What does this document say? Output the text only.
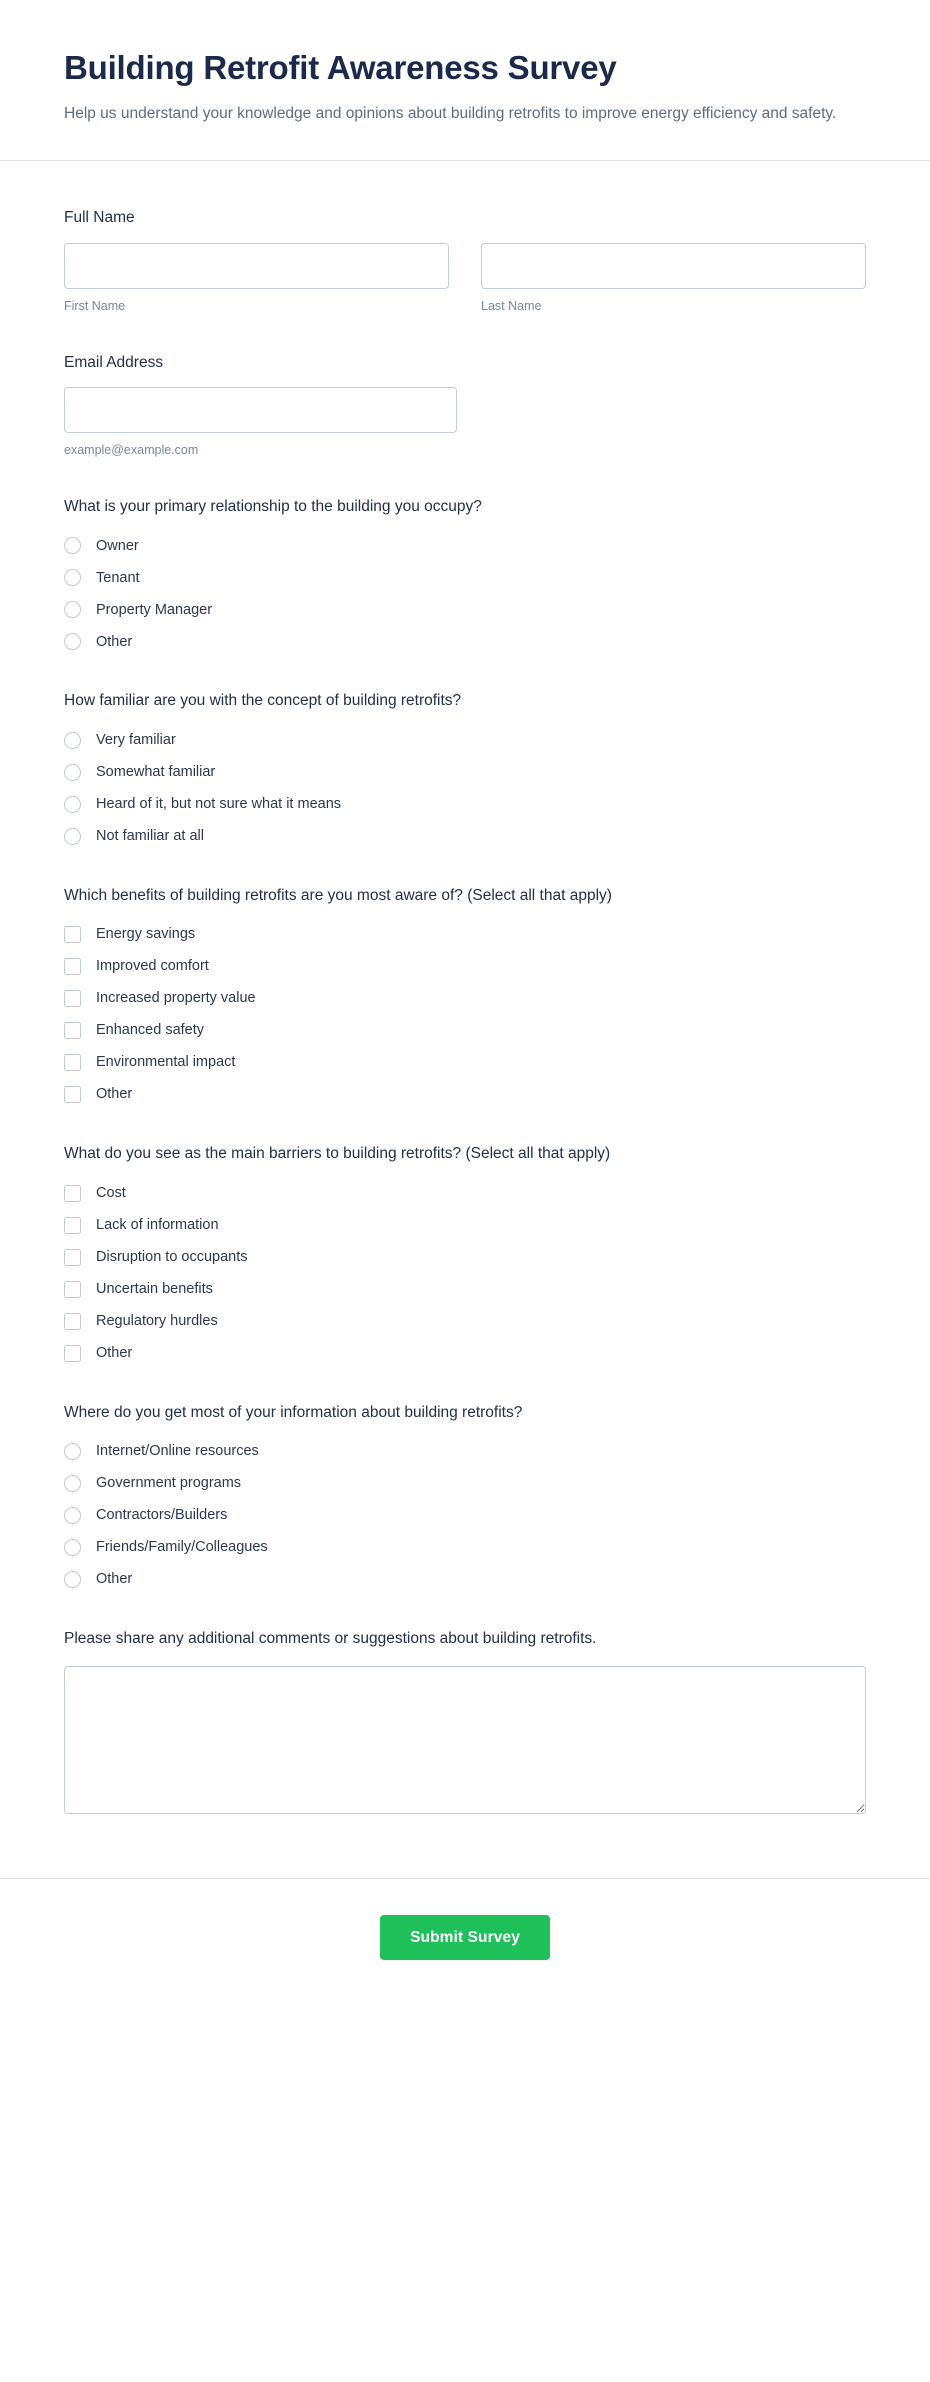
Building Retrofit Awareness Survey

Help us understand your knowledge and opinions about building retrofits to improve energy efficiency and safety.

Full Name
First Name	Last Name
Email Address
example@example.com
What is your primary relationship to the building you occupy?
Owner
Tenant
Property Manager
Other
How familiar are you with the concept of building retrofits?
Very familiar
Somewhat familiar
Heard of it, but not sure what it means
Not familiar at all
Which benefits of building retrofits are you most aware of? (Select all that apply)
Energy savings
Improved comfort
Increased property value
Enhanced safety
Environmental impact
Other
What do you see as the main barriers to building retrofits? (Select all that apply)
Cost
Lack of information
Disruption to occupants
Uncertain benefits
Regulatory hurdles
Other
Where do you get most of your information about building retrofits?
Internet/Online resources
Government programs
Contractors/Builders
Friends/Family/Colleagues
Other
Please share any additional comments or suggestions about building retrofits.
Submit Survey
